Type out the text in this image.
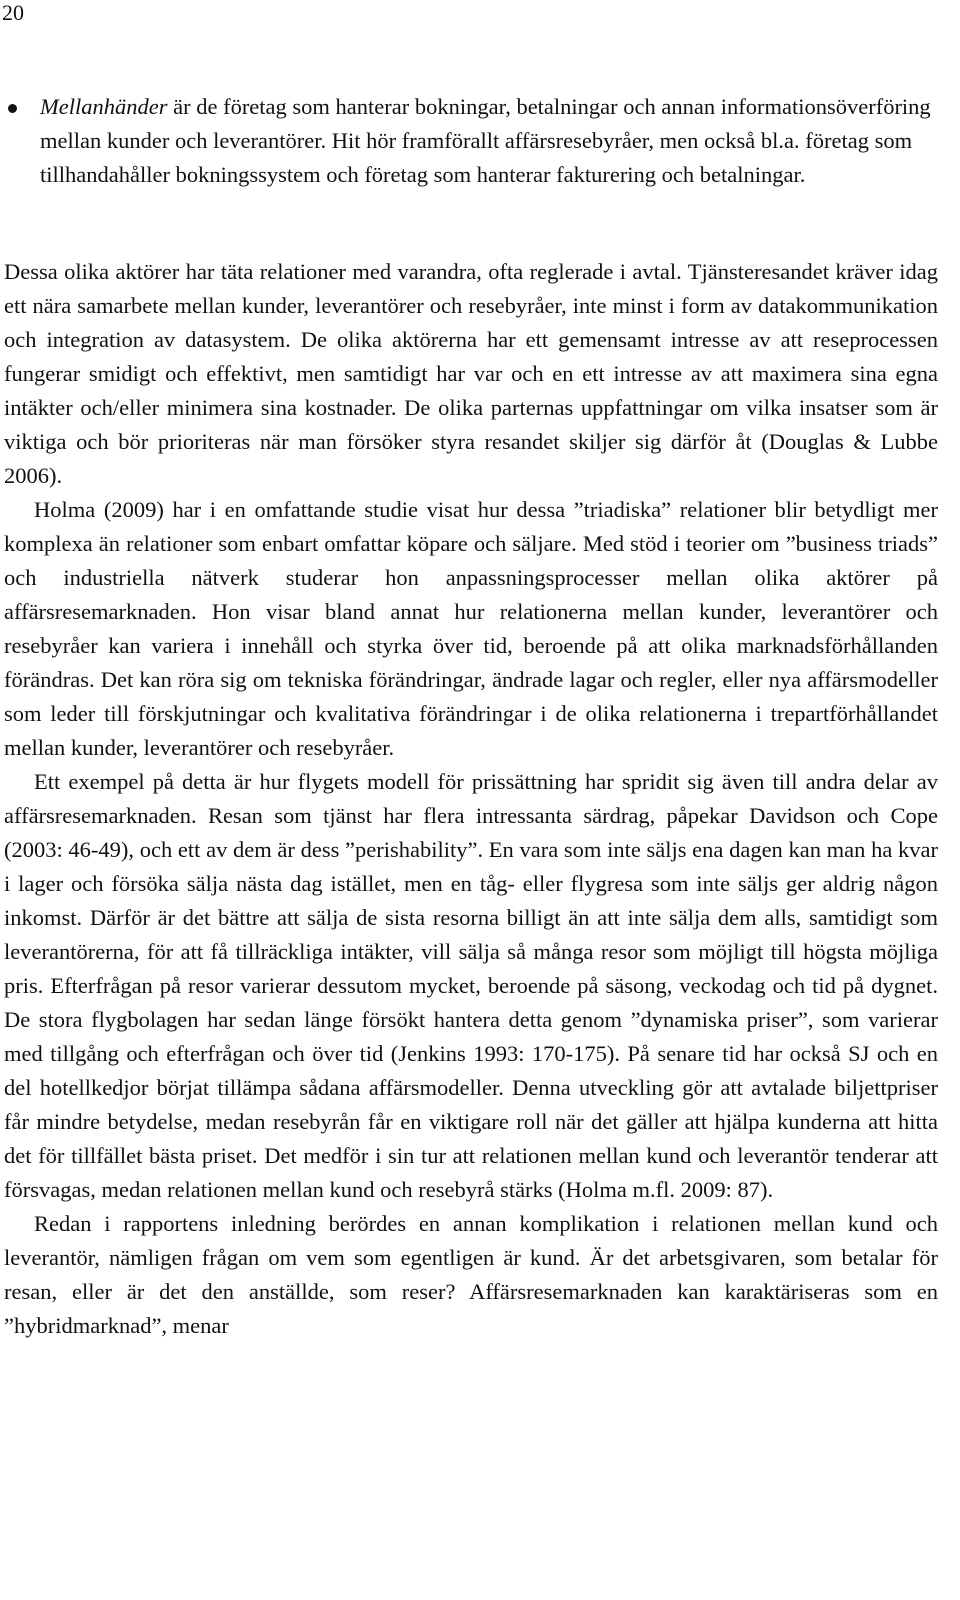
20
Mellanhänder är de företag som hanterar bokningar, betalningar och annan informationsöverföring mellan kunder och leverantörer. Hit hör framförallt affärsresebyråer, men också bl.a. företag som tillhandahåller bokningssystem och företag som hanterar fakturering och betalningar.

Dessa olika aktörer har täta relationer med varandra, ofta reglerade i avtal. Tjänsteresandet kräver idag ett nära samarbete mellan kunder, leverantörer och resebyråer, inte minst i form av datakommunikation och integration av datasystem. De olika aktörerna har ett gemensamt intresse av att reseprocessen fungerar smidigt och effektivt, men samtidigt har var och en ett intresse av att maximera sina egna intäkter och/eller minimera sina kostnader. De olika parternas uppfattningar om vilka insatser som är viktiga och bör prioriteras när man försöker styra resandet skiljer sig därför åt (Douglas & Lubbe 2006).

Holma (2009) har i en omfattande studie visat hur dessa ”triadiska” relationer blir betydligt mer komplexa än relationer som enbart omfattar köpare och säljare. Med stöd i teorier om ”business triads” och industriella nätverk studerar hon anpassningsprocesser mellan olika aktörer på affärsresemarknaden. Hon visar bland annat hur relationerna mellan kunder, leverantörer och resebyråer kan variera i innehåll och styrka över tid, beroende på att olika marknadsförhållanden förändras. Det kan röra sig om tekniska förändringar, ändrade lagar och regler, eller nya affärsmodeller som leder till förskjutningar och kvalitativa förändringar i de olika relationerna i trepartförhållandet mellan kunder, leverantörer och resebyråer.

Ett exempel på detta är hur flygets modell för prissättning har spridit sig även till andra delar av affärsresemarknaden. Resan som tjänst har flera intressanta särdrag, påpekar Davidson och Cope (2003: 46-49), och ett av dem är dess ”perishability”. En vara som inte säljs ena dagen kan man ha kvar i lager och försöka sälja nästa dag istället, men en tåg- eller flygresa som inte säljs ger aldrig någon inkomst. Därför är det bättre att sälja de sista resorna billigt än att inte sälja dem alls, samtidigt som leverantörerna, för att få tillräckliga intäkter, vill sälja så många resor som möjligt till högsta möjliga pris. Efterfrågan på resor varierar dessutom mycket, beroende på säsong, veckodag och tid på dygnet. De stora flygbolagen har sedan länge försökt hantera detta genom ”dynamiska priser”, som varierar med tillgång och efterfrågan och över tid (Jenkins 1993: 170-175). På senare tid har också SJ och en del hotellkedjor börjat tillämpa sådana affärsmodeller. Denna utveckling gör att avtalade biljettpriser får mindre betydelse, medan resebyrån får en viktigare roll när det gäller att hjälpa kunderna att hitta det för tillfället bästa priset. Det medför i sin tur att relationen mellan kund och leverantör tenderar att försvagas, medan relationen mellan kund och resebyrå stärks (Holma m.fl. 2009: 87).

Redan i rapportens inledning berördes en annan komplikation i relationen mellan kund och leverantör, nämligen frågan om vem som egentligen är kund. Är det arbetsgivaren, som betalar för resan, eller är det den anställde, som reser? Affärsresemarknaden kan karaktäriseras som en ”hybridmarknad”, menar
